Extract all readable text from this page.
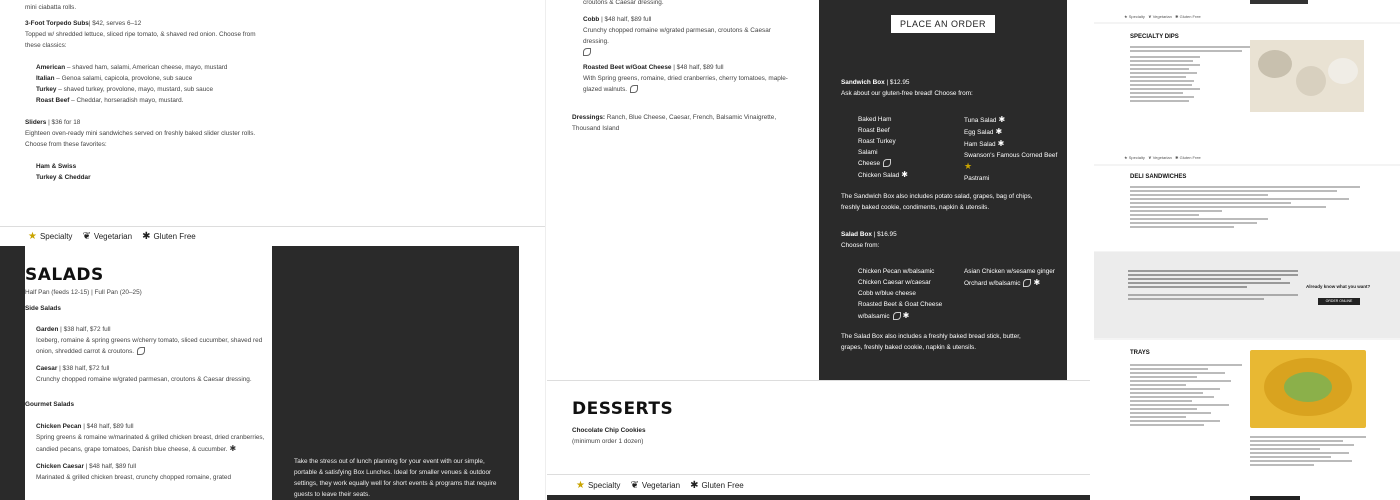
mini ciabatta rolls.
3-Foot Torpedo Subs| $42, serves 6–12
Topped w/ shredded lettuce, sliced ripe tomato, & shaved red onion. Choose from these classics:
American – shaved ham, salami, American cheese, mayo, mustard
Italian – Genoa salami, capicola, provolone, sub sauce
Turkey – shaved turkey, provolone, mayo, mustard, sub sauce
Roast Beef – Cheddar, horseradish mayo, mustard.
Sliders | $36 for 18
Eighteen oven-ready mini sandwiches served on freshly baked slider cluster rolls. Choose from these favorites:
Ham & Swiss
Turkey & Cheddar
★ Specialty ❦ Vegetarian ✱ Gluten Free
SALADS
Half Pan (feeds 12-15) | Full Pan (20–25)
Side Salads
Garden | $38 half, $72 full
Iceberg, romaine & spring greens w/cherry tomato, sliced cucumber, shaved red onion, shredded carrot & croutons.
Caesar | $38 half, $72 full
Crunchy chopped romaine w/grated parmesan, croutons & Caesar dressing.
Gourmet Salads
Chicken Pecan | $48 half, $89 full
Spring greens & romaine w/marinated & grilled chicken breast, dried cranberries, candied pecans, grape tomatoes, Danish blue cheese, & cucumber. ✱
Chicken Caesar | $48 half, $89 full
Marinated & grilled chicken breast, crunchy chopped romaine, grated
Take the stress out of lunch planning for your event with our simple, portable & satisfying Box Lunches. Ideal for smaller venues & outdoor settings, they work equally well for short events & programs that require guests to leave their seats.
croutons & Caesar dressing.
Cobb | $48 half, $89 full
Crunchy chopped romaine w/grated parmesan, croutons & Caesar dressing.
Roasted Beet w/Goat Cheese | $48 half, $89 full
With Spring greens, romaine, dried cranberries, cherry tomatoes, maple-glazed walnuts.
Dressings: Ranch, Blue Cheese, Caesar, French, Balsamic Vinaigrette, Thousand Island
PLACE AN ORDER
Sandwich Box | $12.95
Ask about our gluten-free bread! Choose from:
Baked Ham
Roast Beef
Roast Turkey
Salami
Cheese
Chicken Salad ✱
Tuna Salad ✱
Egg Salad ✱
Ham Salad ✱
Swanson's Famous Corned Beef★
Pastrami
The Sandwich Box also includes potato salad, grapes, bag of chips, freshly baked cookie, condiments, napkin & utensils.
Salad Box | $16.95
Choose from:
Chicken Pecan w/balsamic
Chicken Caesar w/caesar
Cobb w/blue cheese
Roasted Beet & Goat Cheese w/balsamic ✱
Asian Chicken w/sesame ginger
Orchard w/balsamic ✱
The Salad Box also includes a freshly baked bread stick, butter, grapes, freshly baked cookie, napkin & utensils.
DESSERTS
Chocolate Chip Cookies
(minimum order 1 dozen)
★ Specialty ❦ Vegetarian ✱ Gluten Free
★ Specialty   ❦ Vegetarian   ✱ Gluten Free
SPECIALTY DIPS
★ Specialty   ❦ Vegetarian   ✱ Gluten Free
DELI SANDWICHES
Already know what you want?
ORDER ONLINE
TRAYS
